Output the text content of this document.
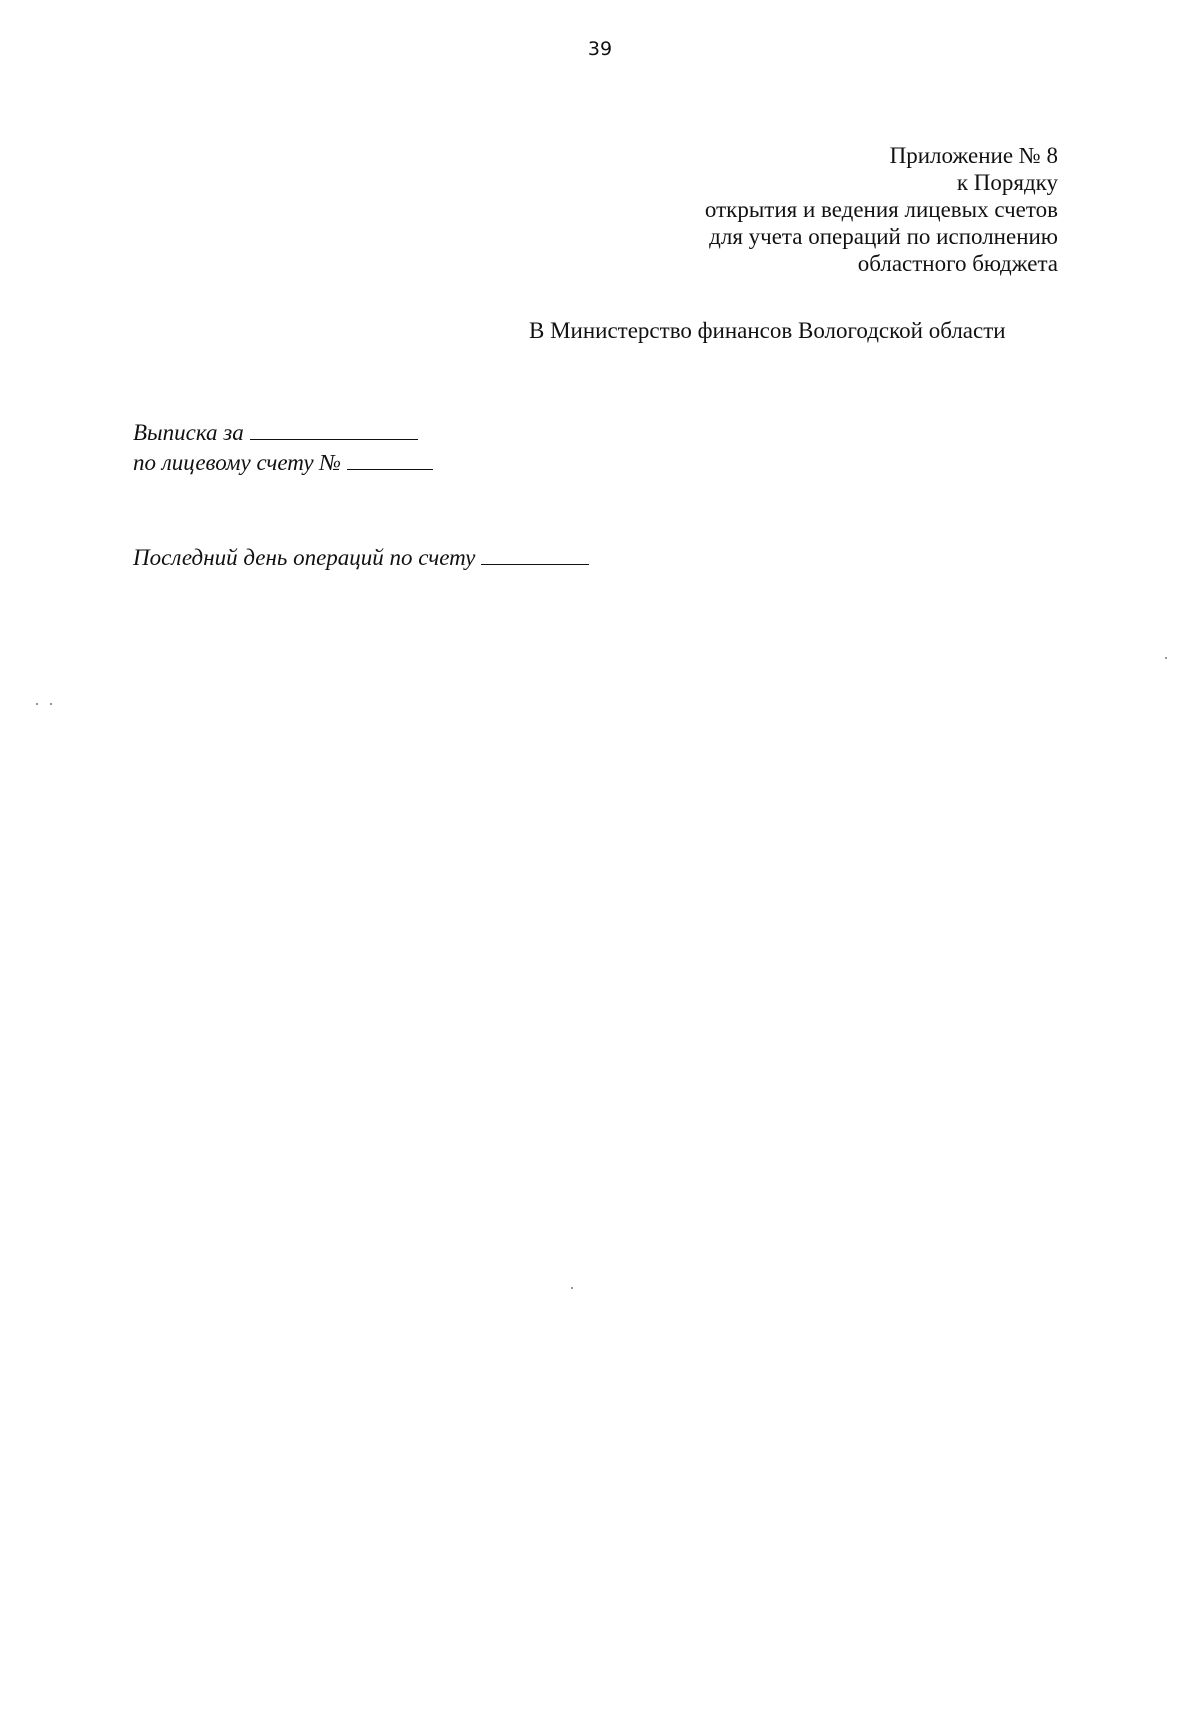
39
Приложение № 8
к Порядку
открытия и ведения лицевых счетов
для учета операций по исполнению
областного бюджета
В Министерство финансов Вологодской области
Выписка за
по лицевому счету №
Последний день операций по счету
